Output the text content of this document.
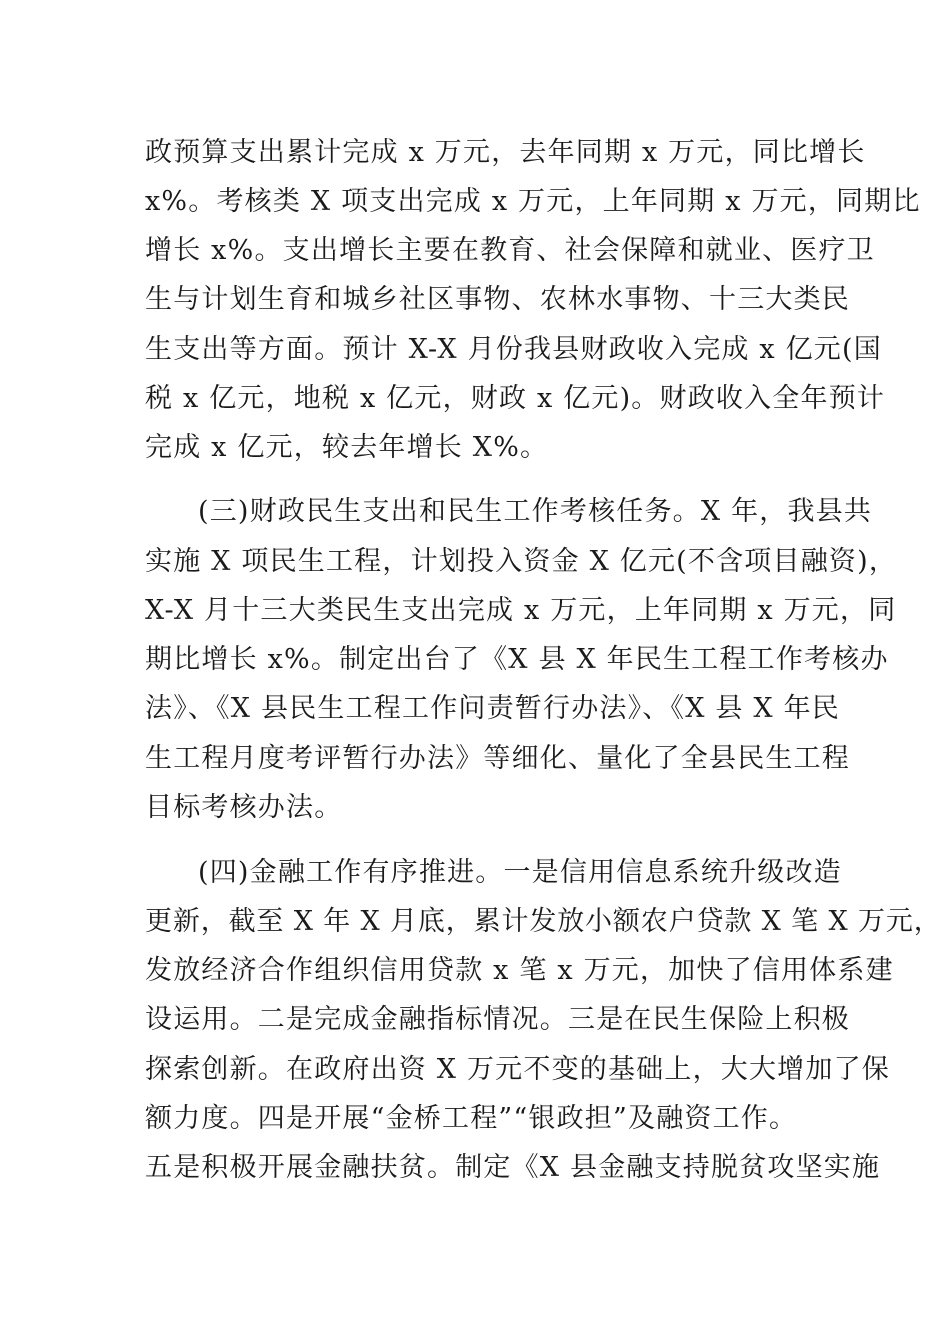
政预算支出累计完成 x 万元，去年同期 x 万元，同比增长
x%。考核类 X 项支出完成 x 万元，上年同期 x 万元，同期比
增长 x%。支出增长主要在教育、社会保障和就业、医疗卫
生与计划生育和城乡社区事物、农林水事物、十三大类民
生支出等方面。预计 X-X 月份我县财政收入完成 x 亿元(国
税 x 亿元，地税 x 亿元，财政 x 亿元)。财政收入全年预计
完成 x 亿元，较去年增长 X%。
(三)财政民生支出和民生工作考核任务。X 年，我县共
实施 X 项民生工程，计划投入资金 X 亿元(不含项目融资)，
X-X 月十三大类民生支出完成 x 万元，上年同期 x 万元，同
期比增长 x%。制定出台了《X 县 X 年民生工程工作考核办
法》、《X 县民生工程工作问责暂行办法》、《X 县 X 年民
生工程月度考评暂行办法》等细化、量化了全县民生工程
目标考核办法。
(四)金融工作有序推进。一是信用信息系统升级改造
更新，截至 X 年 X 月底，累计发放小额农户贷款 X 笔 X 万元，
发放经济合作组织信用贷款 x 笔 x 万元，加快了信用体系建
设运用。二是完成金融指标情况。三是在民生保险上积极
探索创新。在政府出资 X 万元不变的基础上，大大增加了保
额力度。四是开展“金桥工程”“银政担”及融资工作。
五是积极开展金融扶贫。制定《X 县金融支持脱贫攻坚实施
